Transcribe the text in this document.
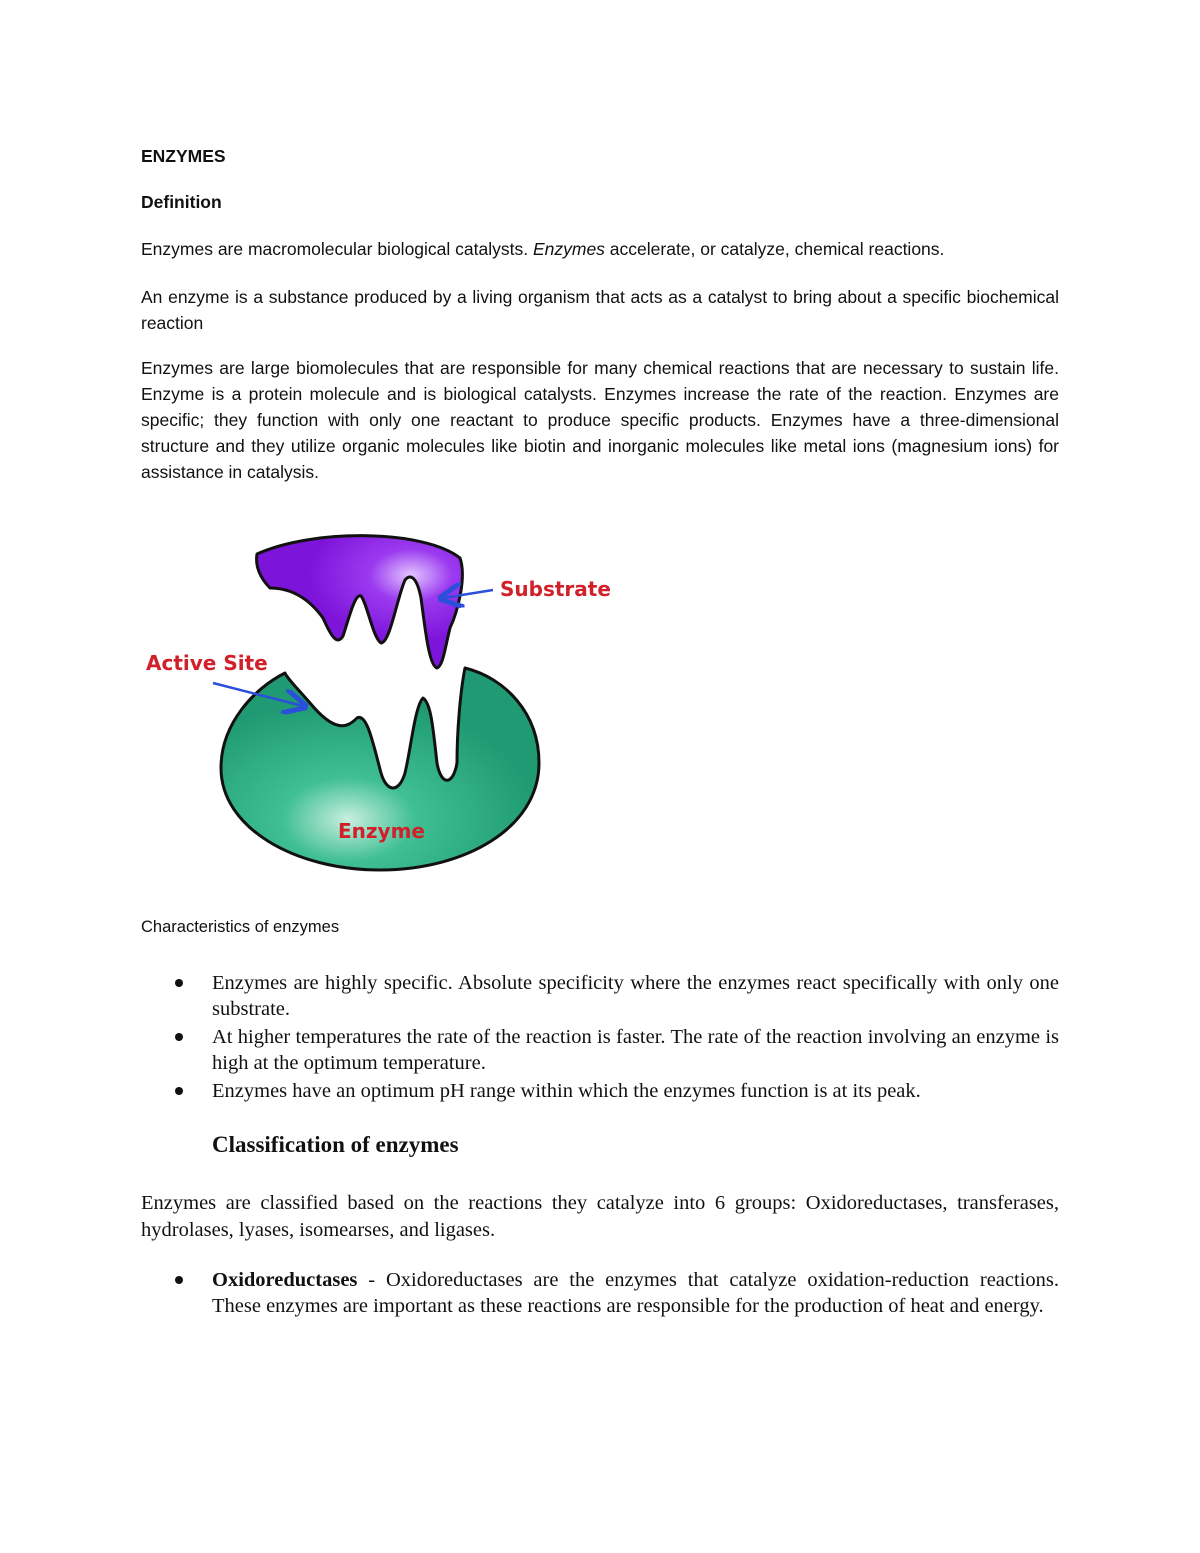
ENZYMES
Definition

Enzymes are macromolecular biological catalysts. Enzymes accelerate, or catalyze, chemical reactions.

An enzyme is a substance produced by a living organism that acts as a catalyst to bring about a specific biochemical reaction

Enzymes are large biomolecules that are responsible for many chemical reactions that are necessary to sustain life. Enzyme is a protein molecule and is biological catalysts. Enzymes increase the rate of the reaction. Enzymes are specific; they function with only one reactant to produce specific products. Enzymes have a three-dimensional structure and they utilize organic molecules like biotin and inorganic molecules like metal ions (magnesium ions) for assistance in catalysis.

Substrate
Active Site
Enzyme
Characteristics of enzymes
Enzymes are highly specific. Absolute specificity where the enzymes react specifically with only one substrate.
At higher temperatures the rate of the reaction is faster. The rate of the reaction involving an enzyme is high at the optimum temperature.
Enzymes have an optimum pH range within which the enzymes function is at its peak.
Classification of enzymes

Enzymes are classified based on the reactions they catalyze into 6 groups: Oxidoreductases, transferases, hydrolases, lyases, isomearses, and ligases.

Oxidoreductases - Oxidoreductases are the enzymes that catalyze oxidation-reduction reactions. These enzymes are important as these reactions are responsible for the production of heat and energy.
